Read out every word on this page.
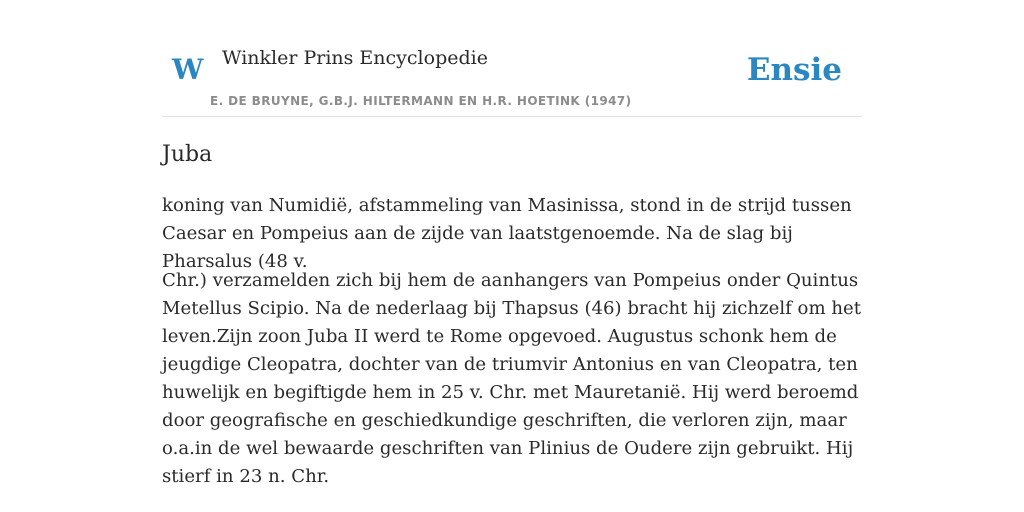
W Winkler Prins Encyclopedie
E. DE BRUYNE, G.B.J. HILTERMANN EN H.R. HOETINK (1947)
Ensie
Juba

koning van Numidië, afstammeling van Masinissa, stond in de strijd tussen Caesar en Pompeius aan de zijde van laatstgenoemde. Na de slag bij Pharsalus (48 v.

Chr.) verzamelden zich bij hem de aanhangers van Pompeius onder Quintus Metellus Scipio. Na de nederlaag bij Thapsus (46) bracht hij zichzelf om het leven.Zijn zoon Juba II werd te Rome opgevoed. Augustus schonk hem de jeugdige Cleopatra, dochter van de triumvir Antonius en van Cleopatra, ten huwelijk en begiftigde hem in 25 v. Chr. met Mauretanië. Hij werd beroemd door geografische en geschiedkundige geschriften, die verloren zijn, maar o.a.in de wel bewaarde geschriften van Plinius de Oudere zijn gebruikt. Hij stierf in 23 n. Chr.
